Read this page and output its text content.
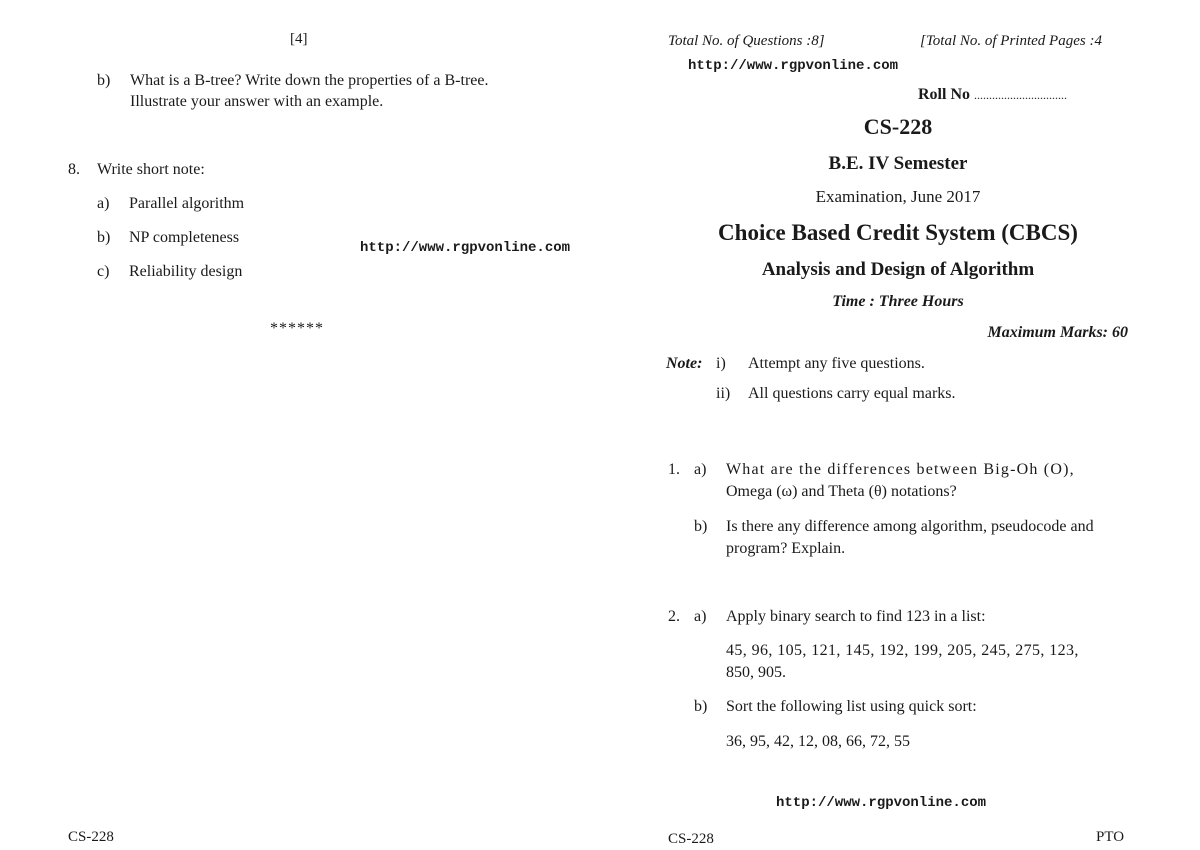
[4]
b) What is a B-tree? Write down the properties of a B-tree.
Illustrate your answer with an example.
8. Write short note:
a) Parallel algorithm
b) NP completeness
c) Reliability design
http://www.rgpvonline.com
******
CS-228
Total No. of Questions :8]	[Total No. of Printed Pages :4
http://www.rgpvonline.com
Roll No ...............................
CS-228
B.E. IV Semester
Examination, June 2017
Choice Based Credit System (CBCS)
Analysis and Design of Algorithm
Time : Three Hours
Maximum Marks: 60
Note: i) Attempt any five questions.
ii) All questions carry equal marks.
1. a) What are the differences between Big-Oh (O),
Omega (ω) and Theta (θ) notations?
b) Is there any difference among algorithm, pseudocode and
program? Explain.
2. a) Apply binary search to find 123 in a list:
45, 96, 105, 121, 145, 192, 199, 205, 245, 275, 123,
850, 905.
b) Sort the following list using quick sort:
36, 95, 42, 12, 08, 66, 72, 55
http://www.rgpvonline.com
CS-228	PTO
